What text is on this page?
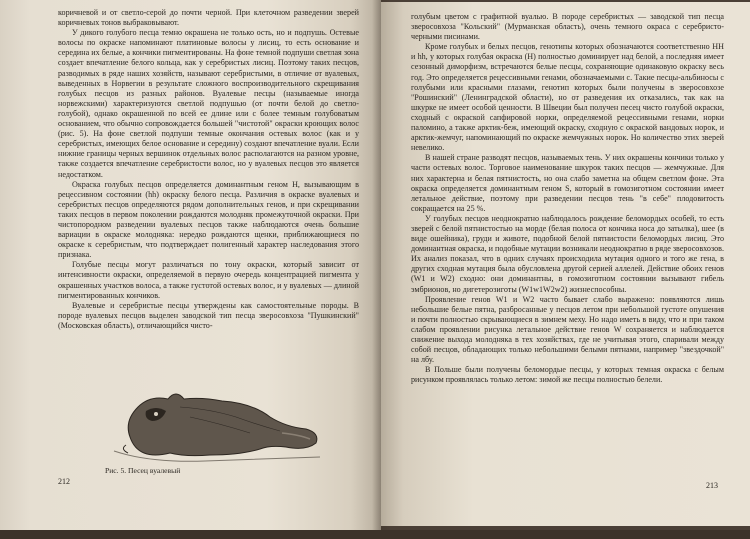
коричневой и от светло-серой до почти черной. При клеточном разведении зверей коричневых тонов выбраковывают.

У дикого голубого песца темно окрашена не только ость, но и подпушь. Остевые волосы по окраске напоминают платиновые волосы у лисиц, то есть основание и середина их белые, а кончики пигментированы. На фоне темной подпуши светлая зона создает впечатление белого кольца, как у серебристых лисиц. Поэтому таких песцов, разводимых в ряде наших хозяйств, называют серебристыми, в отличие от вуалевых, выведенных в Норвегии в результате сложного воспроизводительного скрещивания голубых песцов из разных районов. Вуалевые песцы (называемые иногда норвежскими) характеризуются светлой подпушью (от почти белой до светло-голубой), однако окрашенной по всей ее длине или с более темным голубоватым основанием, что обычно сопровождается большей "чистотой" окраски кроющих волос (рис. 5). На фоне светлой подпуши темные окончания остевых волос (как и у серебристых, имеющих белое основание и середину) создают впечатление вуали. Если нижние границы черных вершинок отдельных волос располагаются на разном уровне, также создается впечатление серебристости волос, но у вуалевых песцов это является недостатком.

Окраска голубых песцов определяется доминантным геном H, вызывающим в рецессивном состоянии (hh) окраску белого песца. Различия в окраске вуалевых и серебристых песцов определяются рядом дополнительных генов, и при скрещивании таких песцов в первом поколении рождаются молодняк промежуточной окраски. При чистопородном разведении вуалевых песцов также наблюдаются очень большие вариации в окраске молодняка: нередко рождаются щенки, приближающиеся по окраске к серебристым, что подтверждает полигенный характер наследования этого признака.

Голубые песцы могут различаться по тону окраски, который зависит от интенсивности окраски, определяемой в первую очередь концентрацией пигмента у окрашенных участков волоса, а также густотой остевых волос, и у вуалевых — длиной пигментированных кончиков.

Вуалевые и серебристые песцы утверждены как самостоятельные породы. В породе вуалевых песцов выделен заводской тип песца зверосовхоза "Пушкинский" (Московская область), отличающийся чисто-

Рис. 5. Песец вуалевый
212

голубым цветом с графитной вуалью. В породе серебристых — заводской тип песца зверосовхоза "Кольский" (Мурманская область), очень темного окраса с серебристо-черными писинами.

Кроме голубых и белых песцов, генотипы которых обозначаются соответственно HH и hh, у которых голубая окраска (H) полностью доминирует над белой, а последняя имеет сезонный диморфизм, встречаются белые песцы, сохраняющие одинаковую окраску весь год. Это определяется рецессивными генами, обозначаемыми c. Такие песцы-альбиносы с голубыми или красными глазами, генотип которых были получены в зверосовхозе "Рошинский" (Ленинградской области), но от разведения их отказались, так как на шкурке не имеет особой ценности. В Швеции был получен песец чисто голубой окраски, сходный с окраской сапфировой норки, определяемой рецессивными генами, норки паломино, а также арктик-беж, имеющий окраску, сходную с окраской вандовых норок, и арктик-жемчуг, напоминающий по окраске жемчужных норок. Но количество этих зверей невелико.

В нашей стране разводят песцов, называемых тень. У них окрашены кончики только у части остевых волос. Торговое наименование шкурок таких песцов — жемчужные. Для них характерна и белая пятнистость, но она слабо заметна на общем светлом фоне. Эта окраска определяется доминантным геном S, который в гомозиготном состоянии имеет летальное действие, поэтому при разведении песцов тень "в себе" плодовитость сокращается на 25 %.

У голубых песцов неоднократно наблюдалось рождение беломордых особей, то есть зверей с белой пятнистостью на морде (белая полоса от кончика носа до затылка), шее (в виде ошейника), груди и животе, подобной белой пятнистости беломордых лисиц. Это доминантная окраска, и подобные мутации возникали неоднократно в ряде зверосовхозов. Их анализ показал, что в одних случаях происходила мутация одного и того же гена, в других сходная мутация была обусловлена другой серией аллелей. Действие обоих генов (W1 и W2) сходно: они доминантны, в гомозиготном состоянии вызывают гибель эмбрионов, но дигетерозиготы (W1w1W2w2) жизнеспособны.

Проявление генов W1 и W2 часто бывает слабо выражено: появляются лишь небольшие белые пятна, разбросанные у песцов летом при небольшой густоте опушения и почти полностью скрывающиеся в зимнем меху. Но надо иметь в виду, что и при таком слабом проявлении рисунка летальное действие генов W сохраняется и наблюдается снижение выхода молодняка в тех хозяйствах, где не учитывая этого, спаривали между собой песцов, обладающих только небольшими белыми пятнами, например "звездочкой" на лбу.

В Польше были получены беломордые песцы, у которых темная окраска с белым рисунком проявлялась только летом: зимой же песцы полностью белели.

213
